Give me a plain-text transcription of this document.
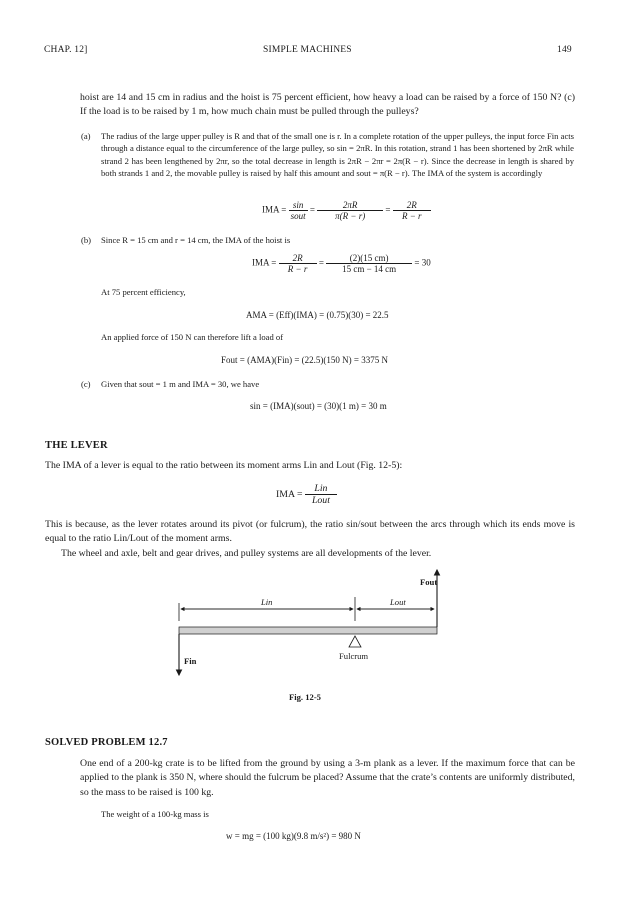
CHAP. 12]	SIMPLE MACHINES	149
hoist are 14 and 15 cm in radius and the hoist is 75 percent efficient, how heavy a load can be raised by a force of 150 N? (c) If the load is to be raised by 1 m, how much chain must be pulled through the pulleys?
(a) The radius of the large upper pulley is R and that of the small one is r. In a complete rotation of the upper pulleys, the input force Fin acts through a distance equal to the circumference of the large pulley, so sin = 2πR. In this rotation, strand 1 has been shortened by 2πR while strand 2 has been lengthened by 2πr, so the total decrease in length is 2πR − 2πr = 2π(R − r). Since the decrease in length is shared by both strands 1 and 2, the movable pulley is raised by half this amount and sout = π(R − r). The IMA of the system is accordingly
IMA = $\frac{\sin}{\text{sout}} = \frac{2\pi R}{\pi(R - r)} = \frac{2R}{R - r}$
(b) Since R = 15 cm and r = 14 cm, the IMA of the hoist is
IMA = $\frac{2R}{R - r} = \frac{(2)(15 cm)}{15 cm - 14 cm} = 30$
At 75 percent efficiency,
AMA = (Eff)(IMA) = (0.75)(30) = 22.5
An applied force of 150 N can therefore lift a load of
Fout = (AMA)(Fin) = (22.5)(150 N) = 3375 N
(c) Given that sout = 1 m and IMA = 30, we have
sin = (IMA)(sout) = (30)(1 m) = 30 m
THE LEVER
The IMA of a lever is equal to the ratio between its moment arms Lin and Lout (Fig. 12-5):
IMA = $\frac{\text{Lin}}{\text{Lout}}$
This is because, as the lever rotates around its pivot (or fulcrum), the ratio sin/sout between the arcs through which its ends move is equal to the ratio Lin/Lout of the moment arms.
The wheel and axle, belt and gear drives, and pulley systems are all developments of the lever.
Lin	Lout
Fout
Fin	Fulcrum
Fig. 12-5
SOLVED PROBLEM 12.7
One end of a 200-kg crate is to be lifted from the ground by using a 3-m plank as a lever. If the maximum force that can be applied to the plank is 350 N, where should the fulcrum be placed? Assume that the crate’s contents are uniformly distributed, so the mass to be raised is 100 kg.
The weight of a 100-kg mass is
w = mg = (100 kg)(9.8 m/s²) = 980 N
